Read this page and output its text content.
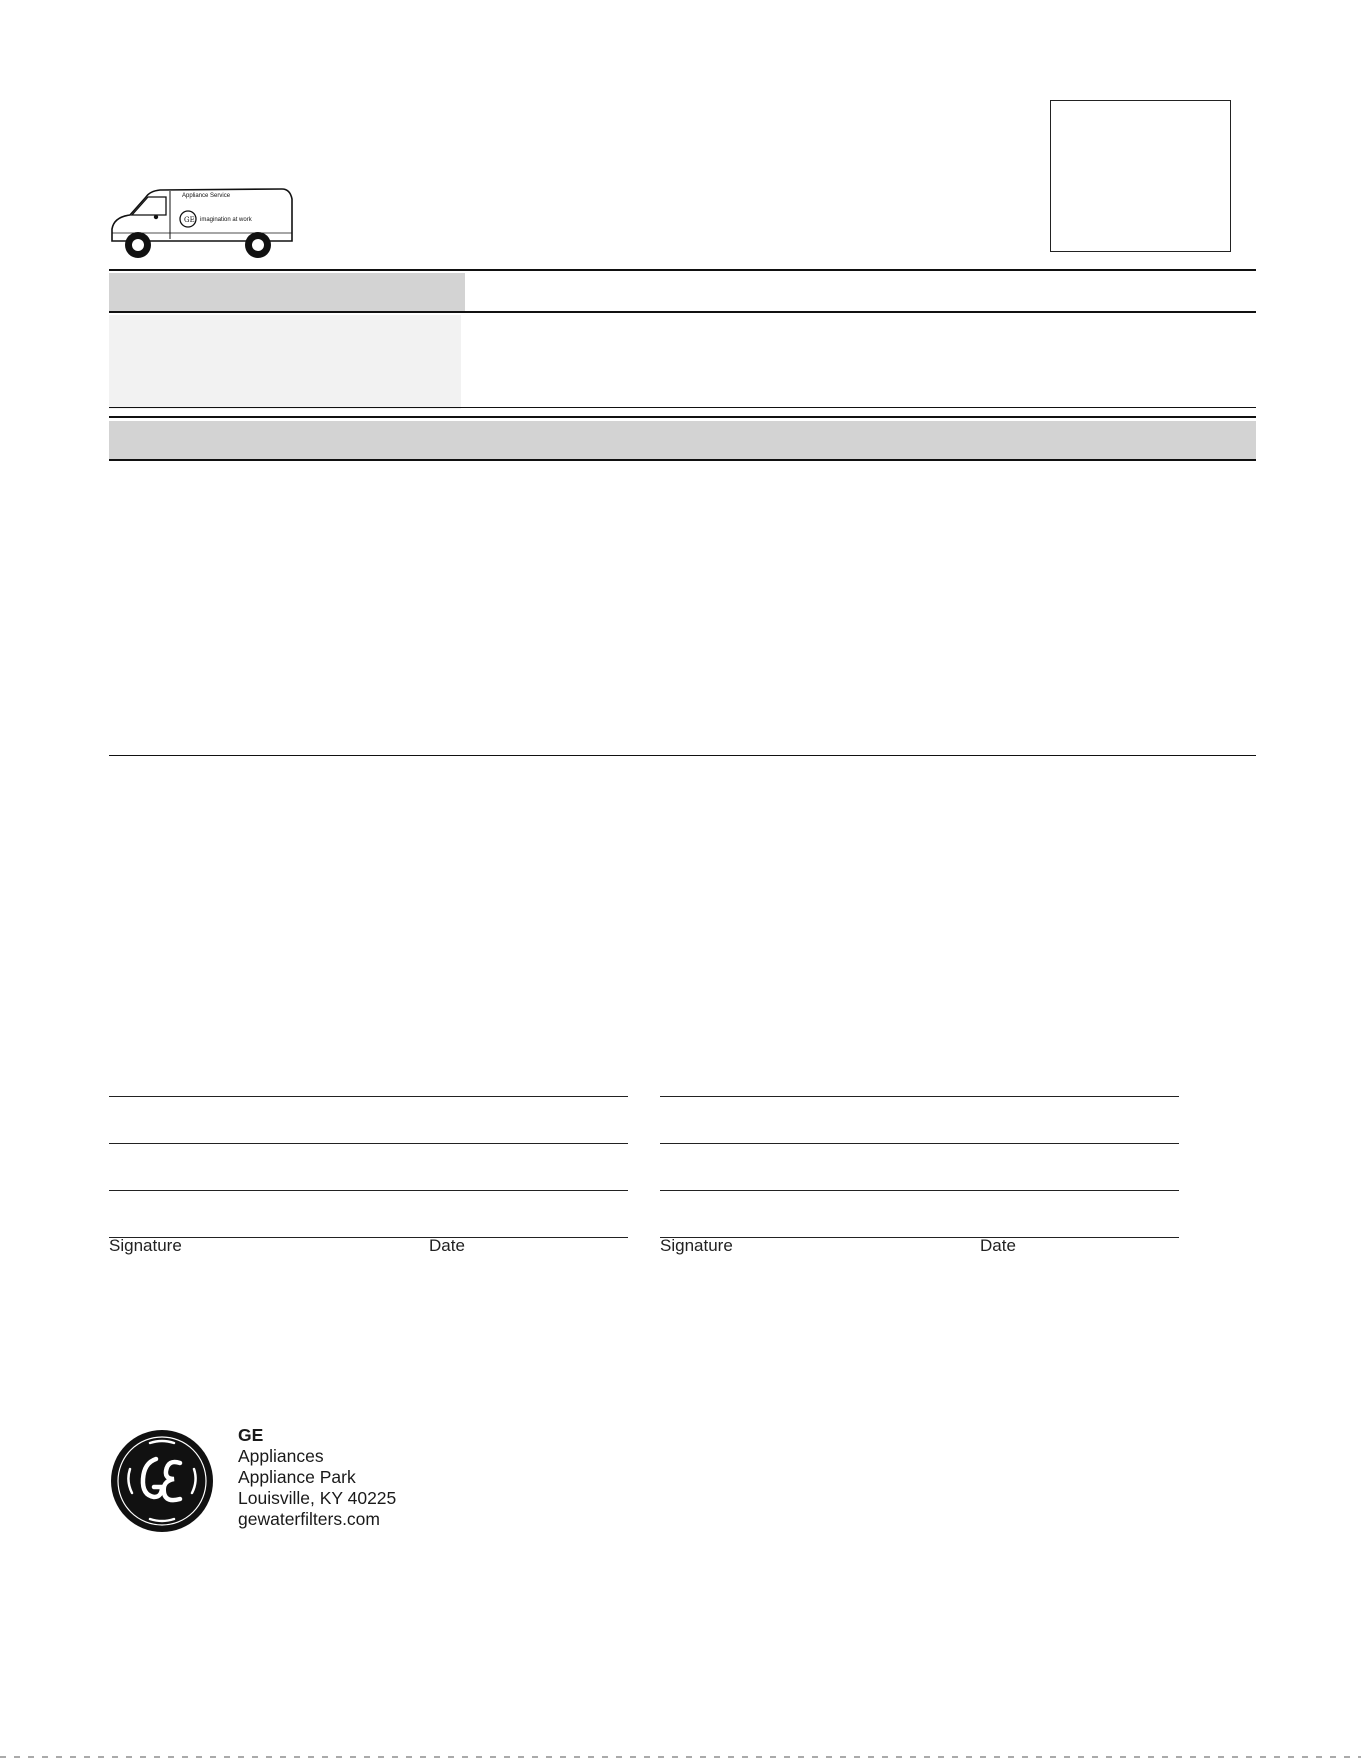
GE
Appliance Service
imagination at work
Signature	Date	Signature	Date
GE
Appliances
Appliance Park
Louisville, KY 40225
gewaterfilters.com
